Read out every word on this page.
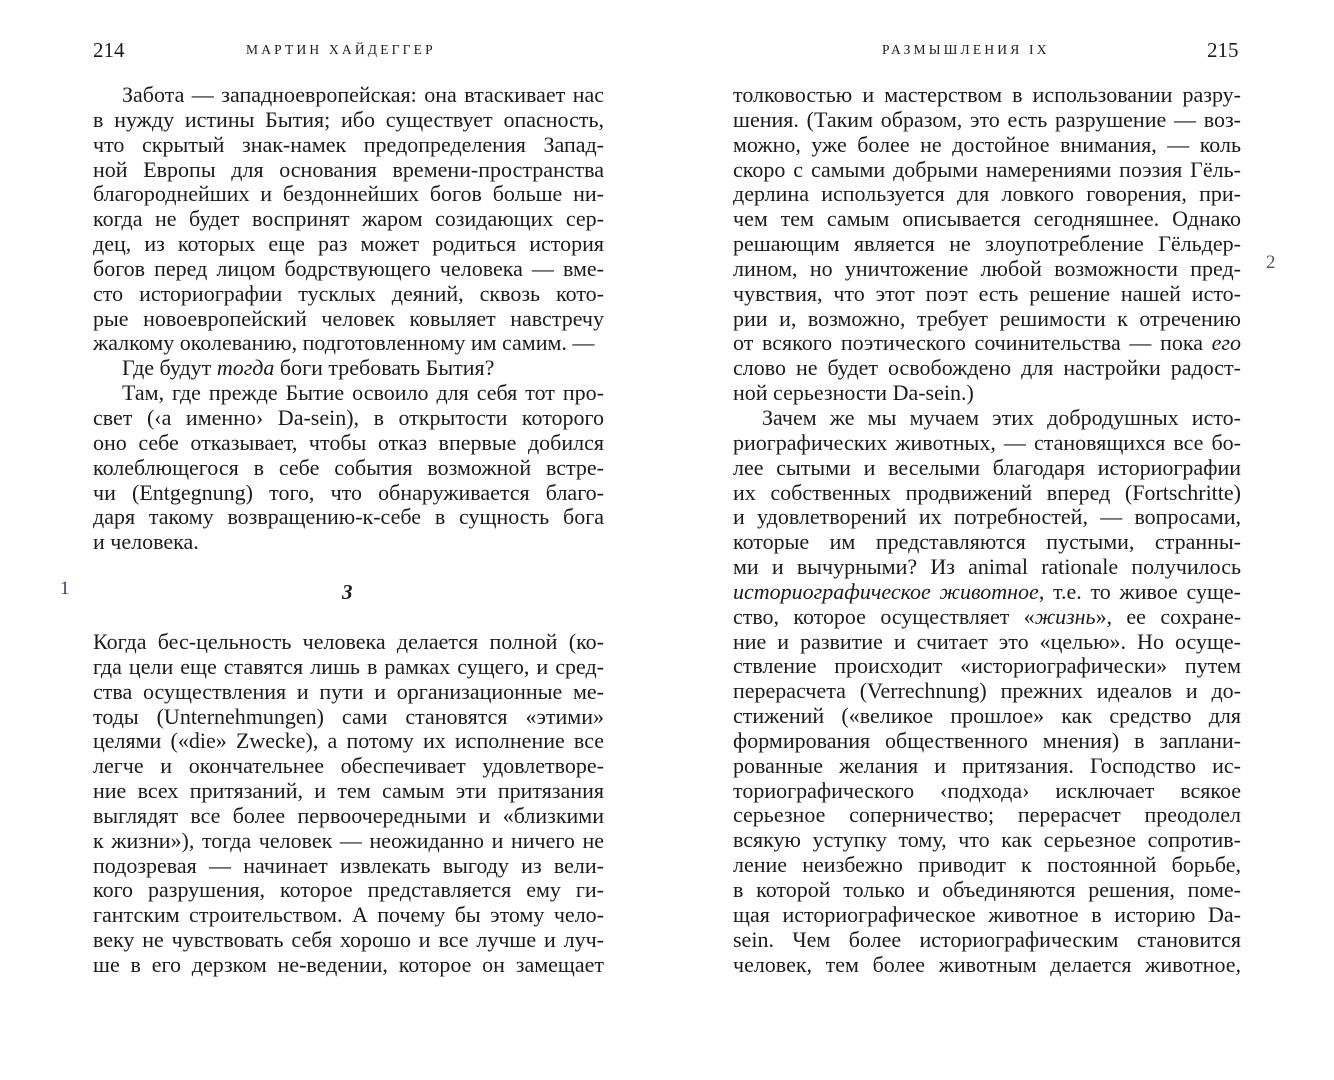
214	МАРТИН ХАЙДЕГГЕР
Забота — западноевропейская: она втаскивает нас
в нужду истины Бытия; ибо существует опасность,
что скрытый знак-намек предопределения Запад-
ной Европы для основания времени-пространства
благороднейших и бездоннейших богов больше ни-
когда не будет воспринят жаром созидающих сер-
дец, из которых еще раз может родиться история
богов перед лицом бодрствующего человека — вме-
сто историографии тусклых деяний, сквозь кото-
рые новоевропейский человек ковыляет навстречу
жалкому околеванию, подготовленному им самим. —
Где будут тогда боги требовать Бытия?
Там, где прежде Бытие освоило для себя тот про-
свет (‹а именно› Da-sein), в открытости которого
оно себе отказывает, чтобы отказ впервые добился
колеблющегося в себе события возможной встре-
чи (Entgegnung) того, что обнаруживается благо-
даря такому возвращению-к-себе в сущность бога
и человека.
1	3
Когда бес-цельность человека делается полной (ко-
гда цели еще ставятся лишь в рамках сущего, и сред-
ства осуществления и пути и организационные ме-
тоды (Unternehmungen) сами становятся «этими»
целями («die» Zwecke), а потому их исполнение все
легче и окончательнее обеспечивает удовлетворе-
ние всех притязаний, и тем самым эти притязания
выглядят все более первоочередными и «близкими
к жизни»), тогда человек — неожиданно и ничего не
подозревая — начинает извлекать выгоду из вели-
кого разрушения, которое представляется ему ги-
гантским строительством. А почему бы этому чело-
веку не чувствовать себя хорошо и все лучше и луч-
ше в его дерзком не-ведении, которое он замещает
РАЗМЫШЛЕНИЯ IX	215
толковостью и мастерством в использовании разру-
шения. (Таким образом, это есть разрушение — воз-
можно, уже более не достойное внимания, — коль
скоро с самыми добрыми намерениями поэзия Гёль-
дерлина используется для ловкого говорения, при-
чем тем самым описывается сегодняшнее. Однако
решающим является не злоупотребление Гёльдер-
лином, но уничтожение любой возможности пред-
чувствия, что этот поэт есть решение нашей исто-
рии и, возможно, требует решимости к отречению
от всякого поэтического сочинительства — пока его
слово не будет освобождено для настройки радост-
ной серьезности Da-sein.)
Зачем же мы мучаем этих добродушных исто-
риографических животных, — становящихся все бо-
лее сытыми и веселыми благодаря историографии
их собственных продвижений вперед (Fortschritte)
и удовлетворений их потребностей, — вопросами,
которые им представляются пустыми, странны-
ми и вычурными? Из animal rationale получилось
историографическое животное, т.е. то живое суще-
ство, которое осуществляет «жизнь», ее сохране-
ние и развитие и считает это «целью». Но осуще-
ствление происходит «историографически» путем
перерасчета (Verrechnung) прежних идеалов и до-
стижений («великое прошлое» как средство для
формирования общественного мнения) в заплани-
рованные желания и притязания. Господство ис-
ториографического ‹подхода› исключает всякое
серьезное соперничество; перерасчет преодолел
всякую уступку тому, что как серьезное сопротив-
ление неизбежно приводит к постоянной борьбе,
в которой только и объединяются решения, поме-
щая историографическое животное в историю Da-
sein. Чем более историографическим становится
человек, тем более животным делается животное,
2
